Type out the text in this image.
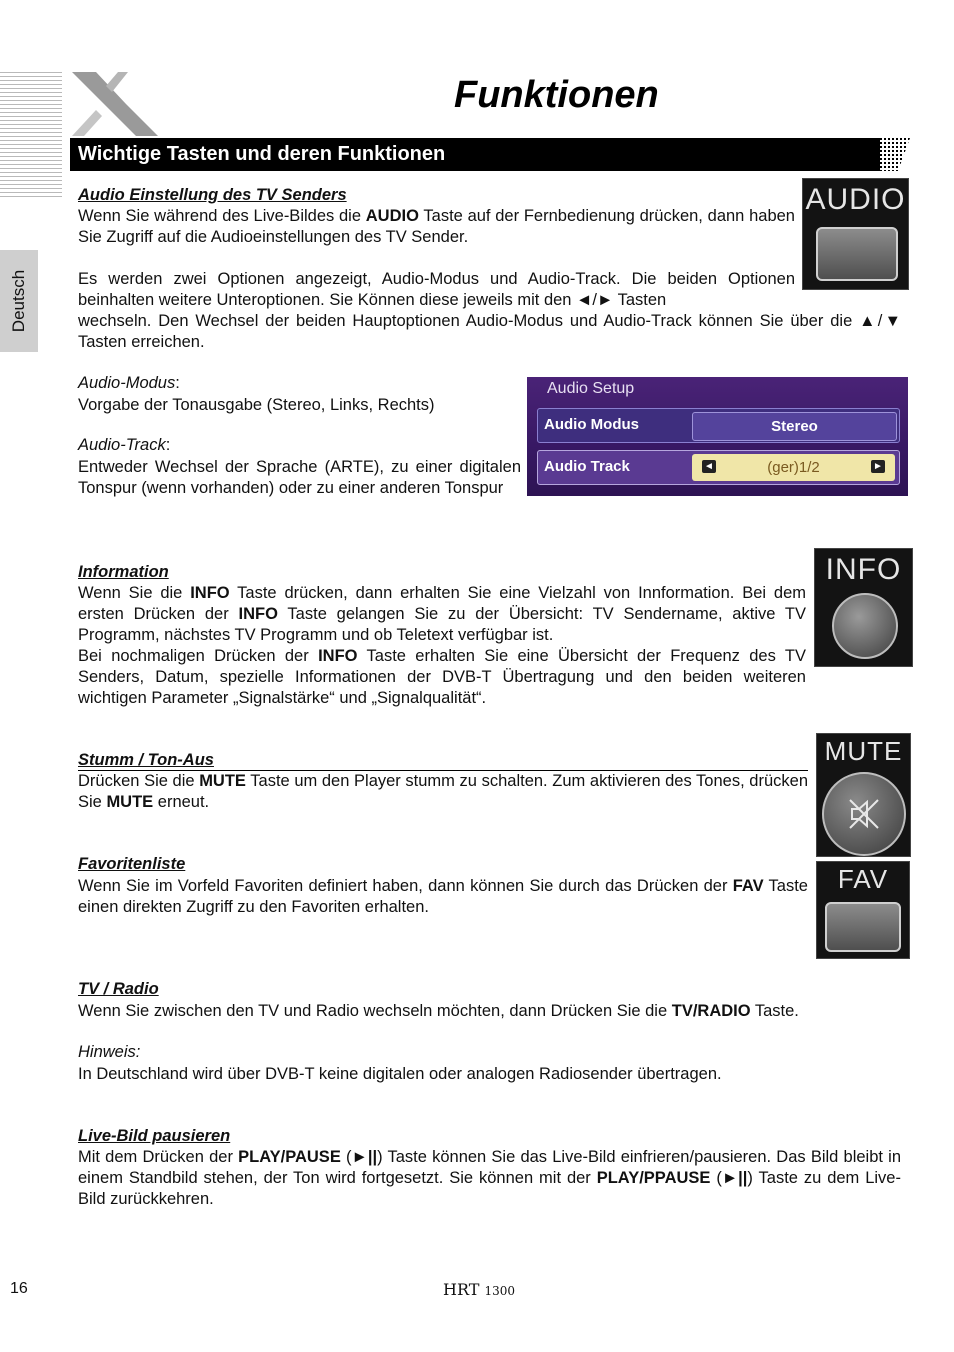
Funktionen
Deutsch
Wichtige Tasten und deren Funktionen
Audio Einstellung des TV Senders
Wenn Sie während des Live-Bildes die AUDIO Taste auf der Fernbedienung drücken, dann haben Sie Zugriff auf die Audioeinstellungen des TV Sender.
Es werden zwei Optionen angezeigt, Audio-Modus und Audio-Track. Die beiden Optionen beinhalten weitere Unteroptionen. Sie Können diese jeweils mit den ◄/► Tasten
wechseln. Den Wechsel der beiden Hauptoptionen Audio-Modus und Audio-Track können Sie über die ▲/▼ Tasten erreichen.
AUDIO
Audio-Modus:
Vorgabe der Tonausgabe (Stereo, Links, Rechts)
Audio-Track:
Entweder Wechsel der Sprache (ARTE), zu einer digitalen Tonspur (wenn vorhanden) oder zu einer anderen Tonspur
Audio Setup
Audio Modus	Stereo
Audio Track	◄	(ger)1/2	►
Information
Wenn Sie die INFO Taste drücken, dann erhalten Sie eine Vielzahl von Innformation. Bei dem ersten Drücken der INFO Taste gelangen Sie zu der Übersicht: TV Sendername, aktive TV Programm, nächstes TV Programm und ob Teletext verfügbar ist.
Bei nochmaligen Drücken der INFO Taste erhalten Sie eine Übersicht der Frequenz des TV Senders, Datum, spezielle Informationen der DVB-T Übertragung und den beiden weiteren wichtigen Parameter „Signalstärke“ und „Signalqualität“.
INFO
Stumm / Ton-Aus
Drücken Sie die MUTE Taste um den Player stumm zu schalten. Zum aktivieren des Tones, drücken Sie MUTE erneut.
MUTE
Favoritenliste
Wenn Sie im Vorfeld Favoriten definiert haben, dann können Sie durch das Drücken der FAV Taste einen direkten Zugriff zu den Favoriten erhalten.
FAV
TV / Radio
Wenn Sie zwischen den TV und Radio wechseln möchten, dann Drücken Sie die TV/RADIO Taste.
Hinweis:
In Deutschland wird über DVB-T keine digitalen oder analogen Radiosender übertragen.
Live-Bild pausieren
Mit dem Drücken der PLAY/PAUSE (►||) Taste können Sie das Live-Bild einfrieren/pausieren. Das Bild bleibt in einem Standbild stehen, der Ton wird fortgesetzt. Sie können mit der PLAY/PPAUSE (►||) Taste zu dem Live-Bild zurückkehren.
16	HRT 1300
